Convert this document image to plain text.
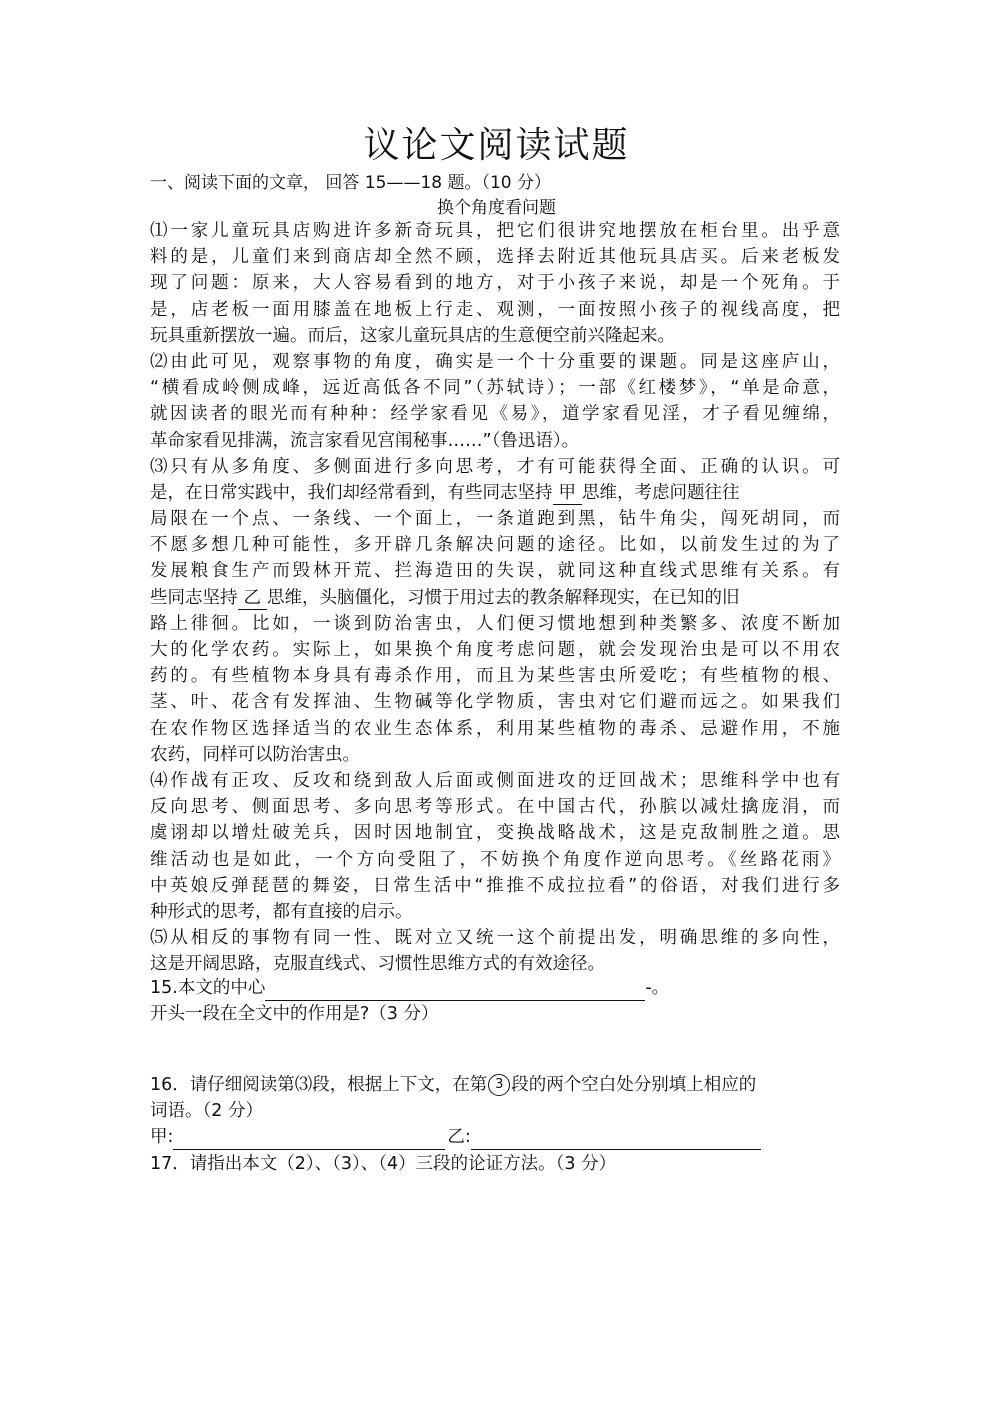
议论文阅读试题
一、阅读下面的文章， 回答 15——18 题。（10 分）
换个角度看问题
⑴一家儿童玩具店购进许多新奇玩具，把它们很讲究地摆放在柜台里。出乎意
料的是，儿童们来到商店却全然不顾，选择去附近其他玩具店买。后来老板发
现了问题：原来，大人容易看到的地方，对于小孩子来说，却是一个死角。于
是，店老板一面用膝盖在地板上行走、观测，一面按照小孩子的视线高度，把
玩具重新摆放一遍。而后，这家儿童玩具店的生意便空前兴隆起来。
⑵由此可见，观察事物的角度，确实是一个十分重要的课题。同是这座庐山，
“横看成岭侧成峰，远近高低各不同”（苏轼诗）；一部《红楼梦》，“单是命意，
就因读者的眼光而有种种：经学家看见《易》，道学家看见淫，才子看见缠绵，
革命家看见排满，流言家看见宫闱秘事……”（鲁迅语）。
⑶只有从多角度、多侧面进行多向思考，才有可能获得全面、正确的认识。可
是，在日常实践中，我们却经常看到，有些同志坚持 甲 思维，考虑问题往往
局限在一个点、一条线、一个面上，一条道跑到黑，钻牛角尖，闯死胡同，而
不愿多想几种可能性，多开辟几条解决问题的途径。比如，以前发生过的为了
发展粮食生产而毁林开荒、拦海造田的失误，就同这种直线式思维有关系。有
些同志坚持 乙 思维，头脑僵化，习惯于用过去的教条解释现实，在已知的旧
路上徘徊。比如，一谈到防治害虫，人们便习惯地想到种类繁多、浓度不断加
大的化学农药。实际上，如果换个角度考虑问题，就会发现治虫是可以不用农
药的。有些植物本身具有毒杀作用，而且为某些害虫所爱吃；有些植物的根、
茎、叶、花含有发挥油、生物碱等化学物质，害虫对它们避而远之。如果我们
在农作物区选择适当的农业生态体系，利用某些植物的毒杀、忌避作用，不施
农药，同样可以防治害虫。
⑷作战有正攻、反攻和绕到敌人后面或侧面进攻的迂回战术；思维科学中也有
反向思考、侧面思考、多向思考等形式。在中国古代，孙膑以减灶擒庞涓，而
虞诩却以增灶破羌兵，因时因地制宜，变换战略战术，这是克敌制胜之道。思
维活动也是如此，一个方向受阻了，不妨换个角度作逆向思考。《丝路花雨》
中英娘反弹琵琶的舞姿，日常生活中“推推不成拉拉看”的俗语，对我们进行多
种形式的思考，都有直接的启示。
⑸从相反的事物有同一性、既对立又统一这个前提出发，明确思维的多向性，
这是开阔思路，克服直线式、习惯性思维方式的有效途径。
15.本文的中心	-。
开头一段在全文中的作用是?（3 分）
16．请仔细阅读第⑶段，根据上下文，在第 3 段的两个空白处分别填上相应的
词语。（2 分）
甲:	乙:
17．请指出本文（2）、（3）、（4）三段的论证方法。（3 分）
